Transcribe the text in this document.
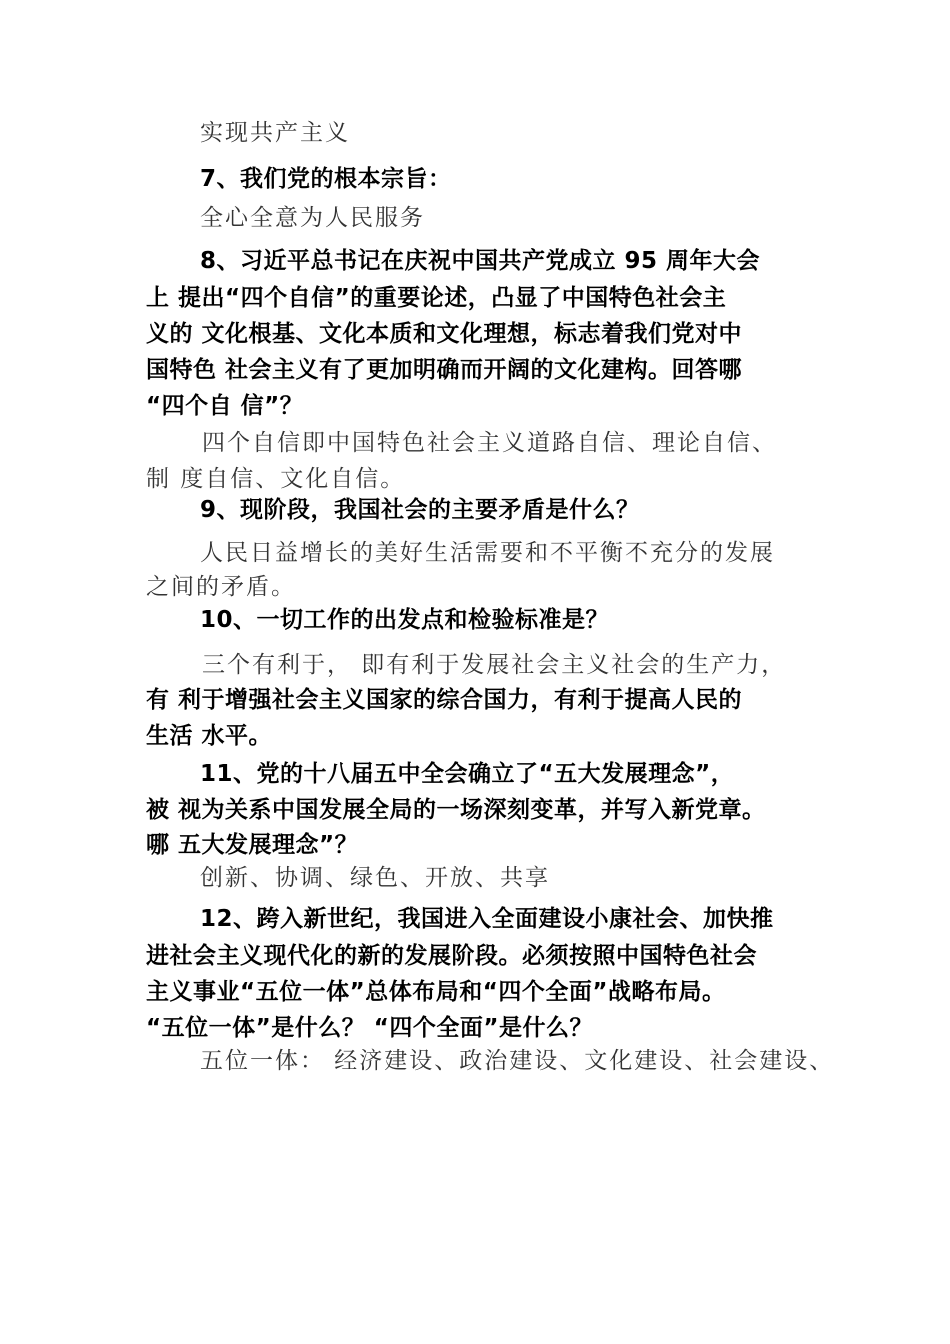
实现共产主义
7、我们党的根本宗旨：
全心全意为人民服务
8、习近平总书记在庆祝中国共产党成立 95 周年大会
上 提出“四个自信”的重要论述，凸显了中国特色社会主
义的 文化根基、文化本质和文化理想，标志着我们党对中
国特色 社会主义有了更加明确而开阔的文化建构。回答哪
“四个自 信”？
四个自信即中国特色社会主义道路自信、理论自信、
制 度自信、文化自信。
9、现阶段，我国社会的主要矛盾是什么？
人民日益增长的美好生活需要和不平衡不充分的发展
之间的矛盾。
10、一切工作的出发点和检验标准是？
三个有利于， 即有利于发展社会主义社会的生产力，
有 利于增强社会主义国家的综合国力，有利于提高人民的
生活 水平。
11、党的十八届五中全会确立了“五大发展理念”，
被 视为关系中国发展全局的一场深刻变革，并写入新党章。
哪 五大发展理念”？
创新、协调、绿色、开放、共享
12、跨入新世纪，我国进入全面建设小康社会、加快推
进社会主义现代化的新的发展阶段。必须按照中国特色社会
主义事业“五位一体”总体布局和“四个全面”战略布局。
“五位一体”是什么？ “四个全面”是什么？
五位一体： 经济建设、政治建设、文化建设、社会建设、
